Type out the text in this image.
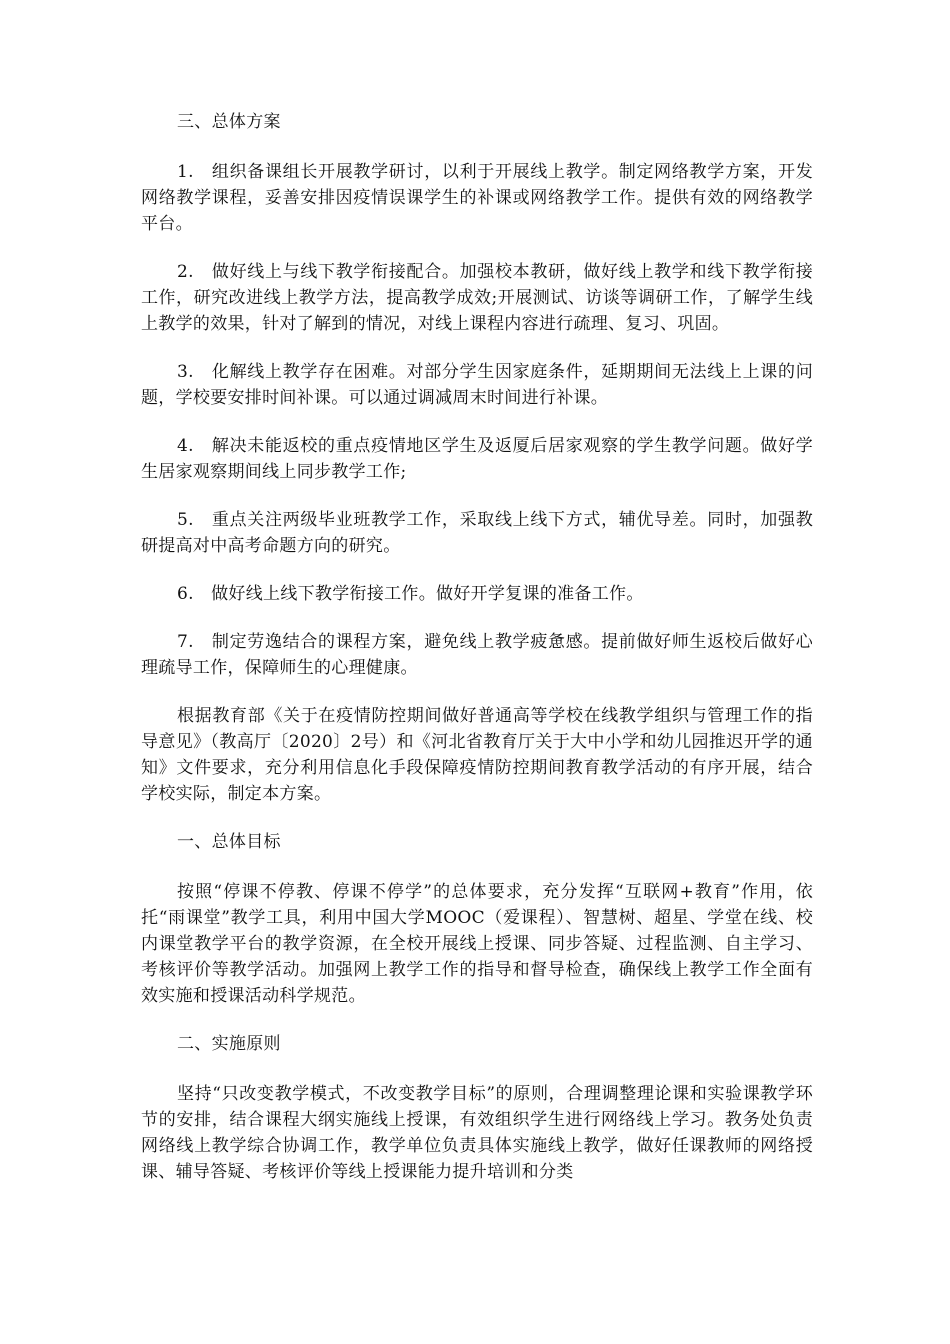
三、总体方案

1.　组织备课组长开展教学研讨，以利于开展线上教学。制定网络教学方案，开发网络教学课程，妥善安排因疫情误课学生的补课或网络教学工作。提供有效的网络教学平台。

2.　做好线上与线下教学衔接配合。加强校本教研，做好线上教学和线下教学衔接工作，研究改进线上教学方法，提高教学成效;开展测试、访谈等调研工作，了解学生线上教学的效果，针对了解到的情况，对线上课程内容进行疏理、复习、巩固。

3.　化解线上教学存在困难。对部分学生因家庭条件，延期期间无法线上上课的问题，学校要安排时间补课。可以通过调减周末时间进行补课。

4.　解决未能返校的重点疫情地区学生及返厦后居家观察的学生教学问题。做好学生居家观察期间线上同步教学工作;

5.　重点关注两级毕业班教学工作，采取线上线下方式，辅优导差。同时，加强教研提高对中高考命题方向的研究。

6.　做好线上线下教学衔接工作。做好开学复课的准备工作。

7.　制定劳逸结合的课程方案，避免线上教学疲惫感。提前做好师生返校后做好心理疏导工作，保障师生的心理健康。

根据教育部《关于在疫情防控期间做好普通高等学校在线教学组织与管理工作的指导意见》（教高厅〔2020〕2号）和《河北省教育厅关于大中小学和幼儿园推迟开学的通知》文件要求，充分利用信息化手段保障疫情防控期间教育教学活动的有序开展，结合学校实际，制定本方案。

一、总体目标

按照“停课不停教、停课不停学”的总体要求，充分发挥“互联网+教育”作用，依托“雨课堂”教学工具，利用中国大学MOOC（爱课程）、智慧树、超星、学堂在线、校内课堂教学平台的教学资源，在全校开展线上授课、同步答疑、过程监测、自主学习、考核评价等教学活动。加强网上教学工作的指导和督导检查，确保线上教学工作全面有效实施和授课活动科学规范。

二、实施原则

坚持“只改变教学模式，不改变教学目标”的原则，合理调整理论课和实验课教学环节的安排，结合课程大纲实施线上授课，有效组织学生进行网络线上学习。教务处负责网络线上教学综合协调工作，教学单位负责具体实施线上教学，做好任课教师的网络授课、辅导答疑、考核评价等线上授课能力提升培训和分类
